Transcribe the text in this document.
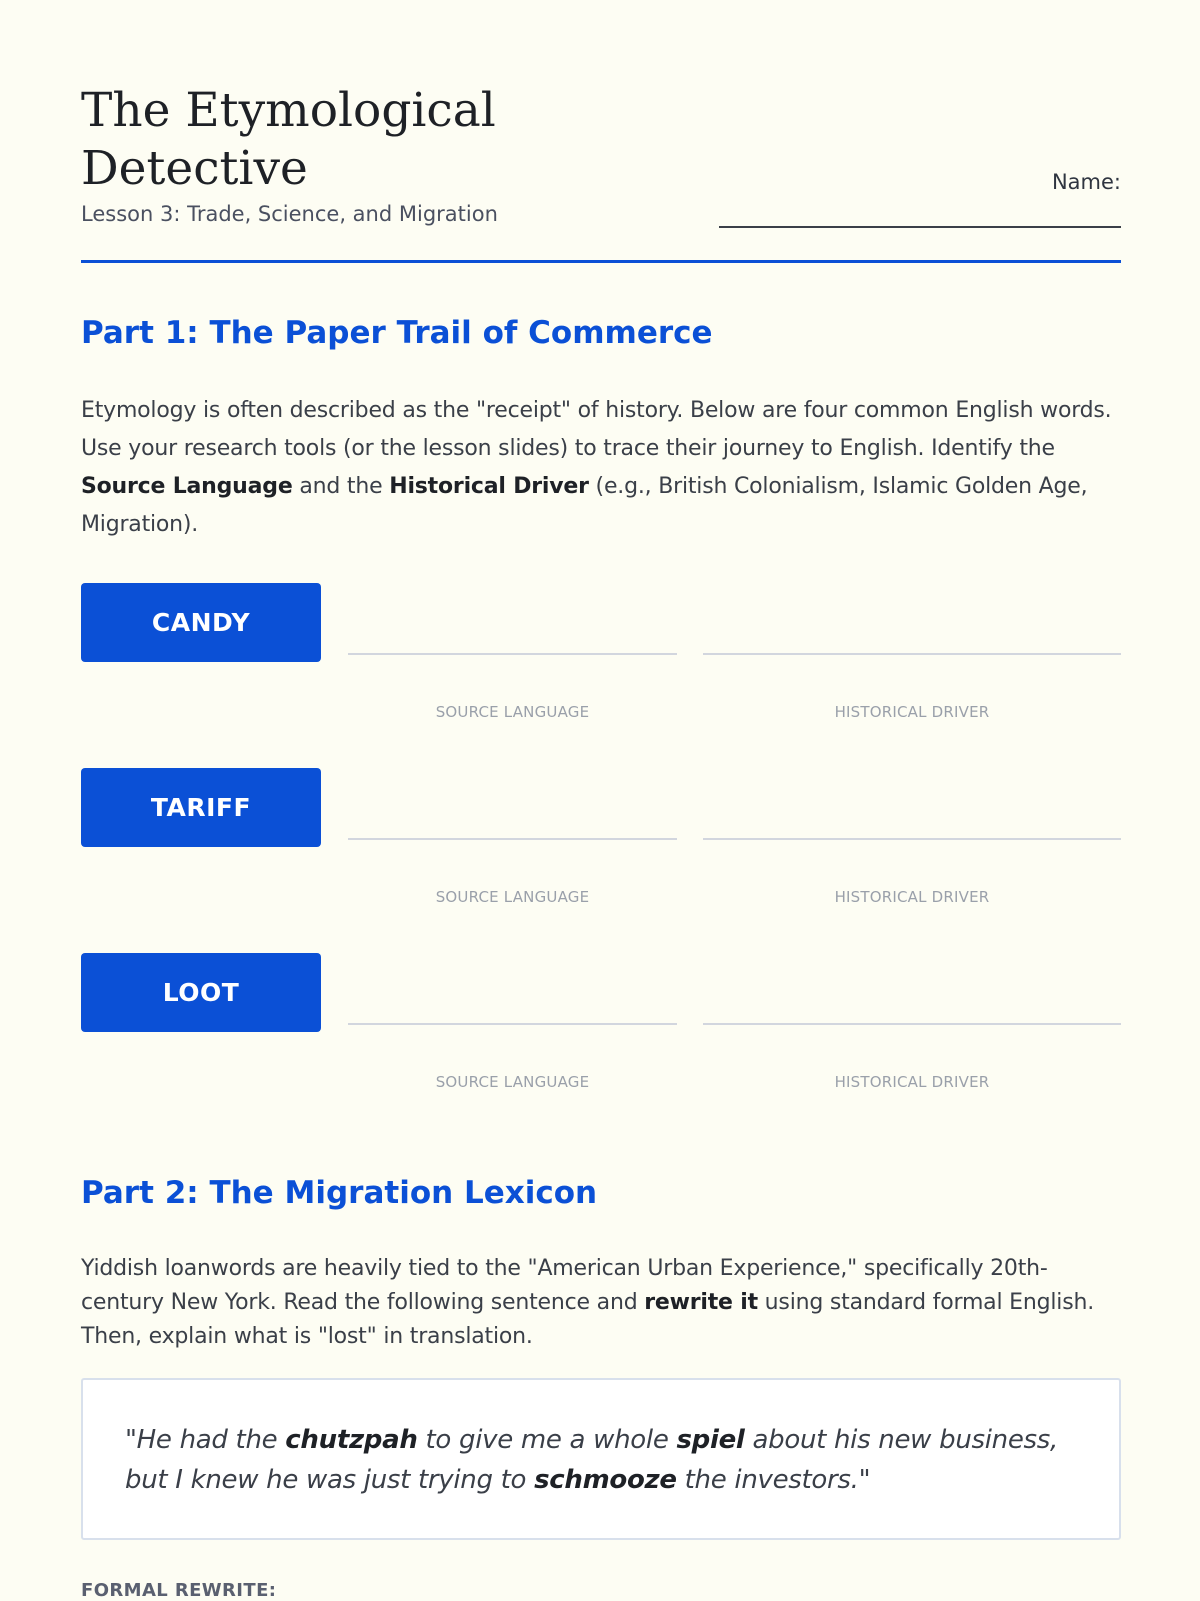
The Etymological
Detective
Lesson 3: Trade, Science, and Migration
Name:
Part 1: The Paper Trail of Commerce

Etymology is often described as the "receipt" of history. Below are four common English words. Use your research tools (or the lesson slides) to trace their journey to English. Identify the Source Language and the Historical Driver (e.g., British Colonialism, Islamic Golden Age, Migration).

CANDY
SOURCE LANGUAGE	HISTORICAL DRIVER
TARIFF
SOURCE LANGUAGE	HISTORICAL DRIVER
LOOT
SOURCE LANGUAGE	HISTORICAL DRIVER
Part 2: The Migration Lexicon

Yiddish loanwords are heavily tied to the "American Urban Experience," specifically 20th-century New York. Read the following sentence and rewrite it using standard formal English. Then, explain what is "lost" in translation.

"He had the chutzpah to give me a whole spiel about his new business, but I knew he was just trying to schmooze the investors."

FORMAL REWRITE:
